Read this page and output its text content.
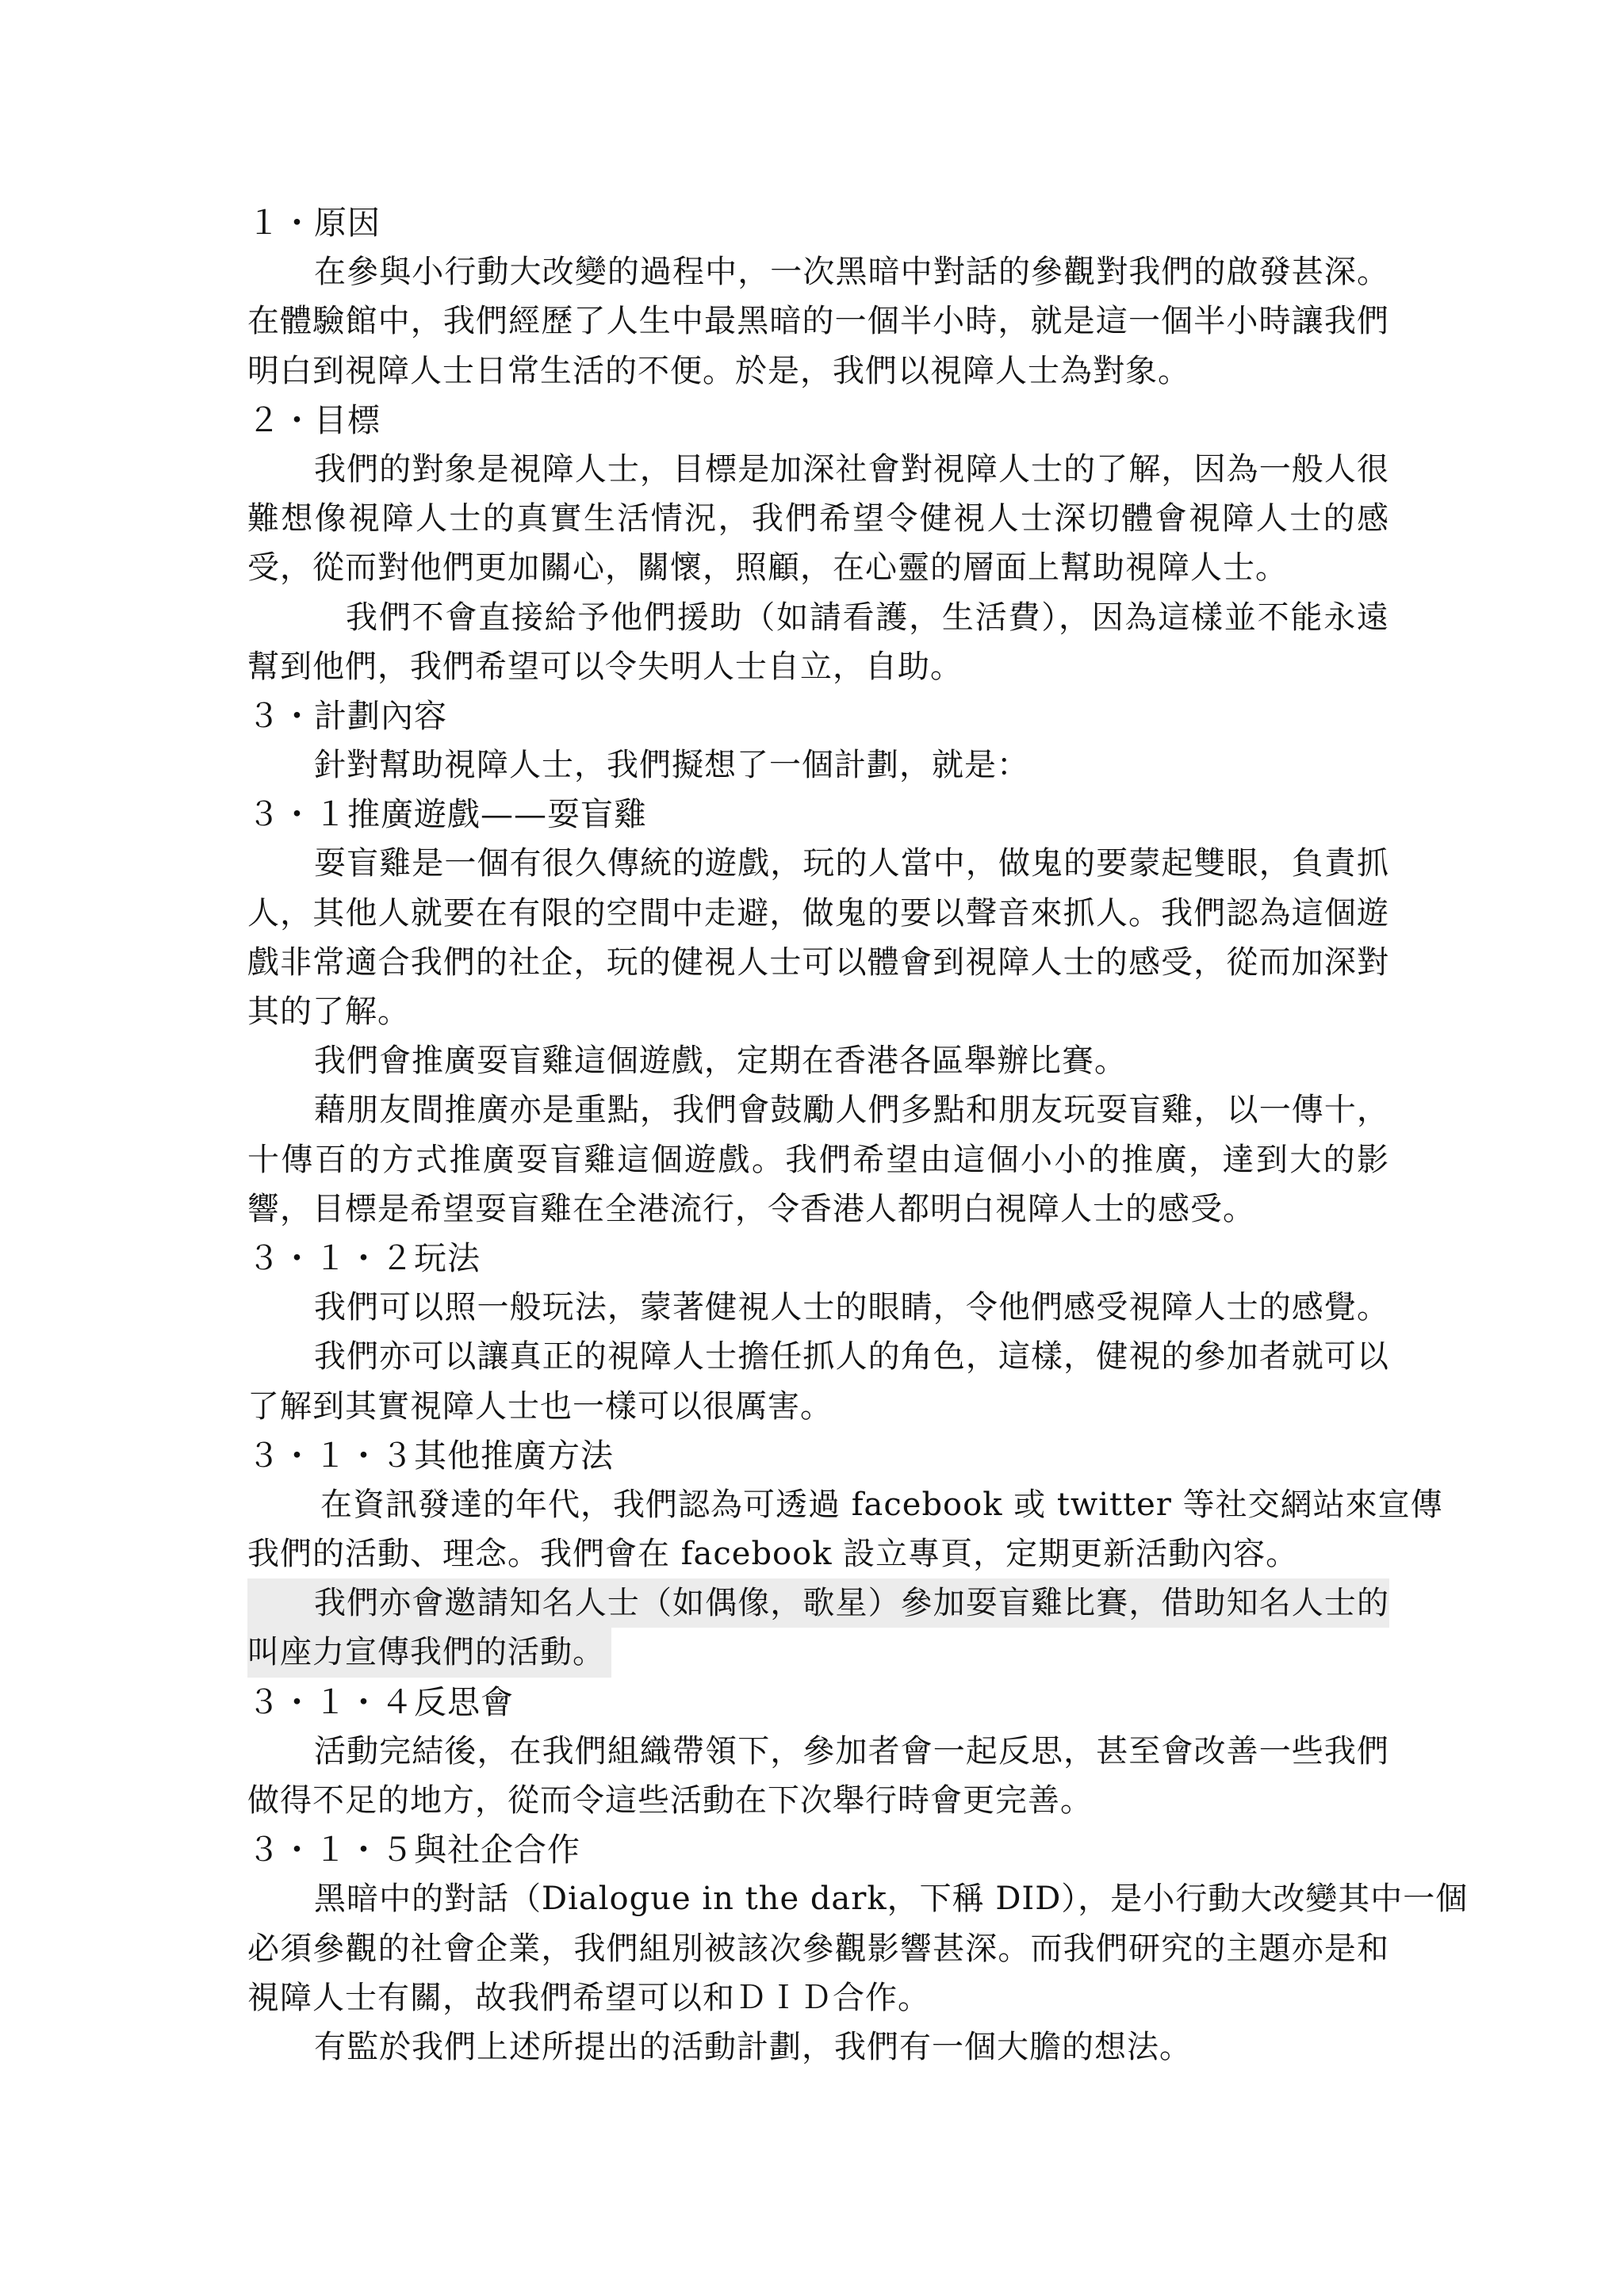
１・原因
在參與小行動大改變的過程中，一次黑暗中對話的參觀對我們的啟發甚深。
在體驗館中，我們經歷了人生中最黑暗的一個半小時，就是這一個半小時讓我們
明白到視障人士日常生活的不便。於是，我們以視障人士為對象。
２・目標
我們的對象是視障人士，目標是加深社會對視障人士的了解，因為一般人很
難想像視障人士的真實生活情況，我們希望令健視人士深切體會視障人士的感
受，從而對他們更加關心，關懷，照顧，在心靈的層面上幫助視障人士。
我們不會直接給予他們援助（如請看護，生活費），因為這樣並不能永遠
幫到他們，我們希望可以令失明人士自立，自助。
３・計劃內容
針對幫助視障人士，我們擬想了一個計劃，就是：
３・１推廣遊戲——耍盲雞
耍盲雞是一個有很久傳統的遊戲，玩的人當中，做鬼的要蒙起雙眼，負責抓
人，其他人就要在有限的空間中走避，做鬼的要以聲音來抓人。我們認為這個遊
戲非常適合我們的社企，玩的健視人士可以體會到視障人士的感受，從而加深對
其的了解。
我們會推廣耍盲雞這個遊戲，定期在香港各區舉辦比賽。
藉朋友間推廣亦是重點，我們會鼓勵人們多點和朋友玩耍盲雞，以一傳十，
十傳百的方式推廣耍盲雞這個遊戲。我們希望由這個小小的推廣，達到大的影
響，目標是希望耍盲雞在全港流行，令香港人都明白視障人士的感受。
３・１・２玩法
我們可以照一般玩法，蒙著健視人士的眼睛，令他們感受視障人士的感覺。
我們亦可以讓真正的視障人士擔任抓人的角色，這樣，健視的參加者就可以
了解到其實視障人士也一樣可以很厲害。
３・１・３其他推廣方法
在資訊發達的年代，我們認為可透過 facebook 或 twitter 等社交網站來宣傳
我們的活動、理念。我們會在 facebook 設立專頁，定期更新活動內容。
我們亦會邀請知名人士（如偶像，歌星）參加耍盲雞比賽，借助知名人士的
叫座力宣傳我們的活動。
３・１・４反思會
活動完結後，在我們組織帶領下，參加者會一起反思，甚至會改善一些我們
做得不足的地方，從而令這些活動在下次舉行時會更完善。
３・１・５與社企合作
黑暗中的對話（Dialogue in the dark，下稱 DID），是小行動大改變其中一個
必須參觀的社會企業，我們組別被該次參觀影響甚深。而我們研究的主題亦是和
視障人士有關，故我們希望可以和ＤＩＤ合作。
有監於我們上述所提出的活動計劃，我們有一個大膽的想法。
